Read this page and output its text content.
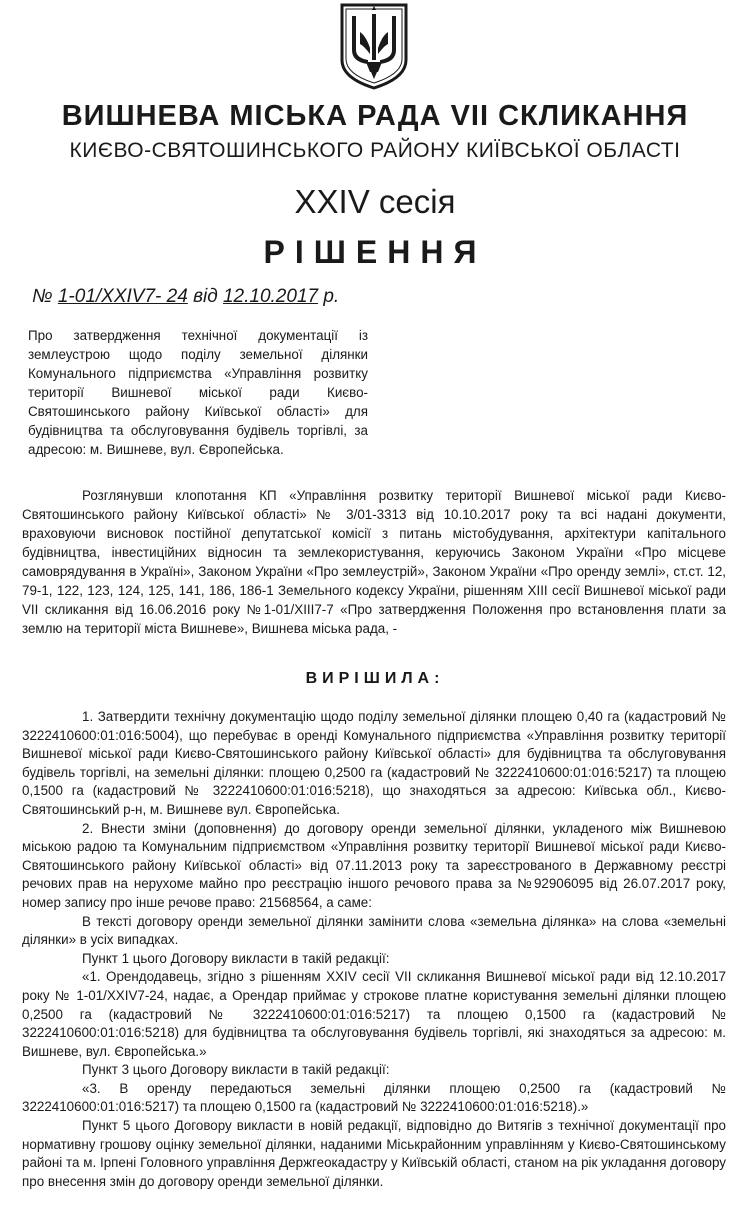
ВИШНЕВА МІСЬКА РАДА VII СКЛИКАННЯ
КИЄВО-СВЯТОШИНСЬКОГО РАЙОНУ КИЇВСЬКОЇ ОБЛАСТІ
XXIV сесія
РІШЕННЯ
№ 1-01/XXIV7- 24 від 12.10.2017 р.
Про затвердження технічної документації із землеустрою щодо поділу земельної ділянки Комунального підприємства «Управління розвитку території Вишневої міської ради Києво-Святошинського району Київської області» для будівництва та обслуговування будівель торгівлі, за адресою: м. Вишневе, вул. Європейська.

Розглянувши клопотання КП «Управління розвитку території Вишневої міської ради Києво-Святошинського району Київської області» № 3/01-3313 від 10.10.2017 року та всі надані документи, враховуючи висновок постійної депутатської комісії з питань містобудування, архітектури капітального будівництва, інвестиційних відносин та землекористування, керуючись Законом України «Про місцеве самоврядування в Україні», Законом України «Про землеустрій», Законом України «Про оренду землі», ст.ст. 12, 79-1, 122, 123, 124, 125, 141, 186, 186-1 Земельного кодексу України, рішенням XIII сесії Вишневої міської ради VII скликання від 16.06.2016 року №1-01/XIII7-7 «Про затвердження Положення про встановлення плати за землю на території міста Вишневе», Вишнева міська рада, -

ВИРІШИЛА:

1. Затвердити технічну документацію щодо поділу земельної ділянки площею 0,40 га (кадастровий № 3222410600:01:016:5004), що перебуває в оренді Комунального підприємства «Управління розвитку території Вишневої міської ради Києво-Святошинського району Київської області» для будівництва та обслуговування будівель торгівлі, на земельні ділянки: площею 0,2500 га (кадастровий № 3222410600:01:016:5217) та площею 0,1500 га (кадастровий № 3222410600:01:016:5218), що знаходяться за адресою: Київська обл., Києво-Святошинський р-н, м. Вишневе вул. Європейська.

2. Внести зміни (доповнення) до договору оренди земельної ділянки, укладеного між Вишневою міською радою та Комунальним підприємством «Управління розвитку території Вишневої міської ради Києво-Святошинського району Київської області» від 07.11.2013 року та зареєстрованого в Державному реєстрі речових прав на нерухоме майно про реєстрацію іншого речового права за №92906095 від 26.07.2017 року, номер запису про інше речове право: 21568564, а саме:

В тексті договору оренди земельної ділянки замінити слова «земельна ділянка» на слова «земельні ділянки» в усіх випадках.

Пункт 1 цього Договору викласти в такій редакції:

«1. Орендодавець, згідно з рішенням XXIV сесії VII скликання Вишневої міської ради від 12.10.2017 року № 1-01/XXIV7-24, надає, а Орендар приймає у строкове платне користування земельні ділянки площею 0,2500 га (кадастровий № 3222410600:01:016:5217) та площею 0,1500 га (кадастровий № 3222410600:01:016:5218) для будівництва та обслуговування будівель торгівлі, які знаходяться за адресою: м. Вишневе, вул. Європейська.»

Пункт 3 цього Договору викласти в такій редакції:

«3. В оренду передаються земельні ділянки площею 0,2500 га (кадастровий № 3222410600:01:016:5217) та площею 0,1500 га (кадастровий № 3222410600:01:016:5218).»

Пункт 5 цього Договору викласти в новій редакції, відповідно до Витягів з технічної документації про нормативну грошову оцінку земельної ділянки, наданими Міськрайонним управлінням у Києво-Святошинському районі та м. Ірпені Головного управління Держгеокадастру у Київській області, станом на рік укладання договору про внесення змін до договору оренди земельної ділянки.
